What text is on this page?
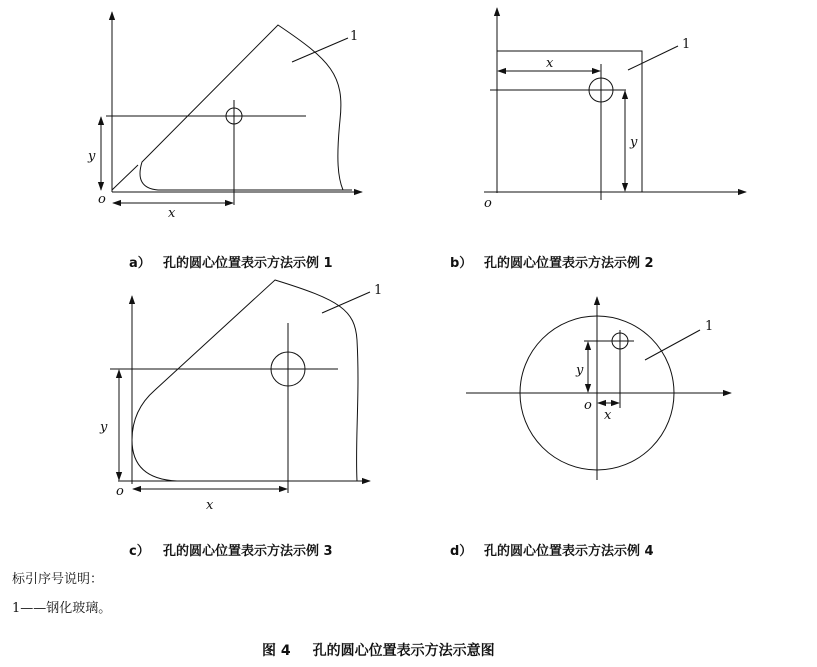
1
y
x
o
1
x
y
o
1
y
x
o
1
y
x
o
a） 孔的圆心位置表示方法示例 1	b） 孔的圆心位置表示方法示例 2
c） 孔的圆心位置表示方法示例 3	d） 孔的圆心位置表示方法示例 4
标引序号说明：
1——钢化玻璃。
图 4 孔的圆心位置表示方法示意图
